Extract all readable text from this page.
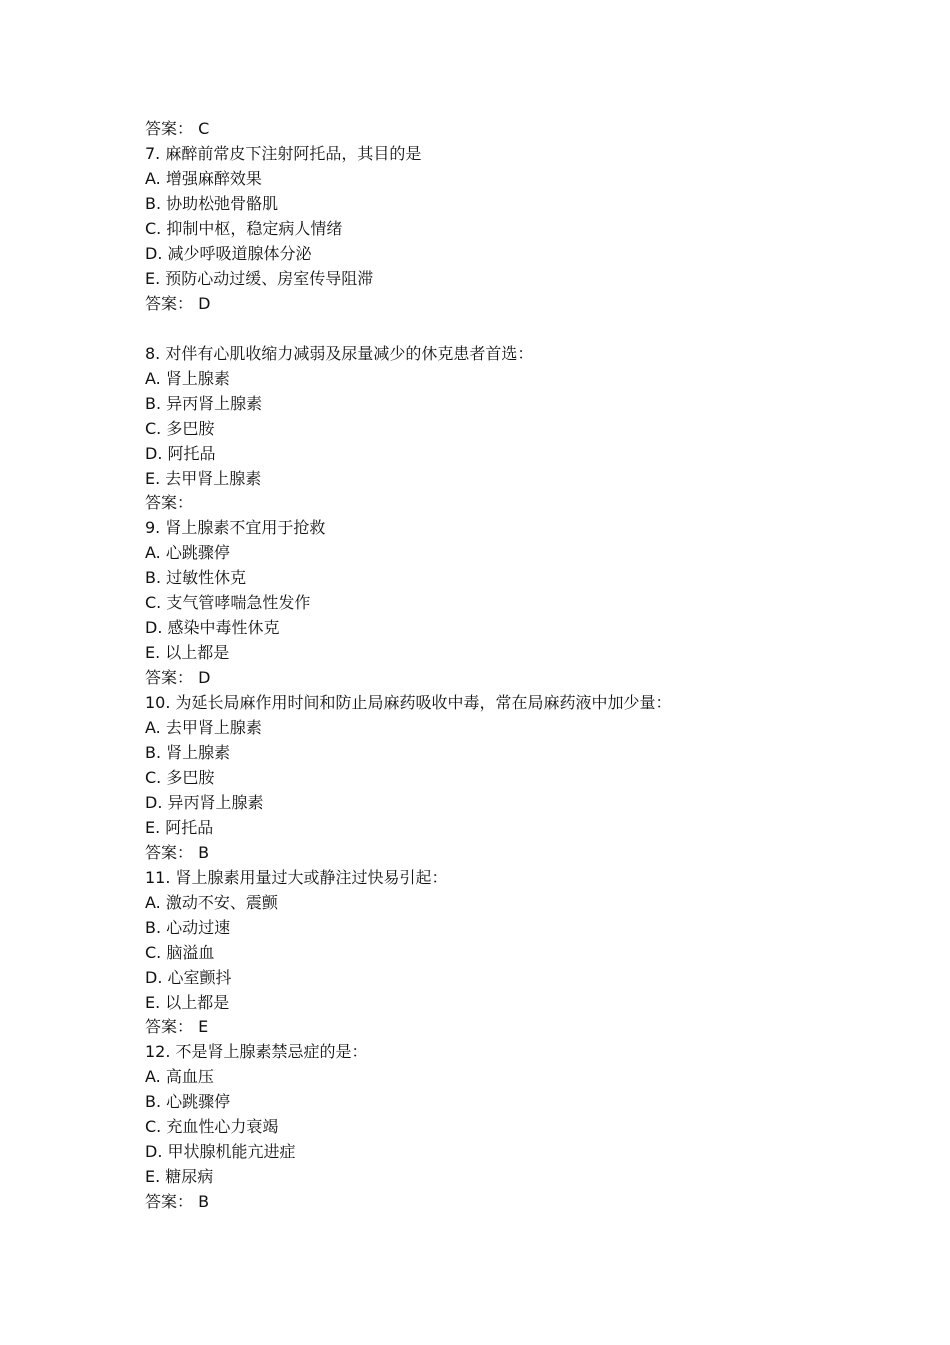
答案： C
7. 麻醉前常皮下注射阿托品，其目的是
A. 增强麻醉效果
B. 协助松弛骨骼肌
C. 抑制中枢，稳定病人情绪
D. 减少呼吸道腺体分泌
E. 预防心动过缓、房室传导阻滞
答案： D
8. 对伴有心肌收缩力减弱及尿量减少的休克患者首选：
A. 肾上腺素
B. 异丙肾上腺素
C. 多巴胺
D. 阿托品
E. 去甲肾上腺素
答案：
9. 肾上腺素不宜用于抢救
A. 心跳骤停
B. 过敏性休克
C. 支气管哮喘急性发作
D. 感染中毒性休克
E. 以上都是
答案： D
10. 为延长局麻作用时间和防止局麻药吸收中毒，常在局麻药液中加少量：
A. 去甲肾上腺素
B. 肾上腺素
C. 多巴胺
D. 异丙肾上腺素
E. 阿托品
答案： B
11. 肾上腺素用量过大或静注过快易引起：
A. 激动不安、震颤
B. 心动过速
C. 脑溢血
D. 心室颤抖
E. 以上都是
答案： E
12. 不是肾上腺素禁忌症的是：
A. 高血压
B. 心跳骤停
C. 充血性心力衰竭
D. 甲状腺机能亢进症
E. 糖尿病
答案： B
